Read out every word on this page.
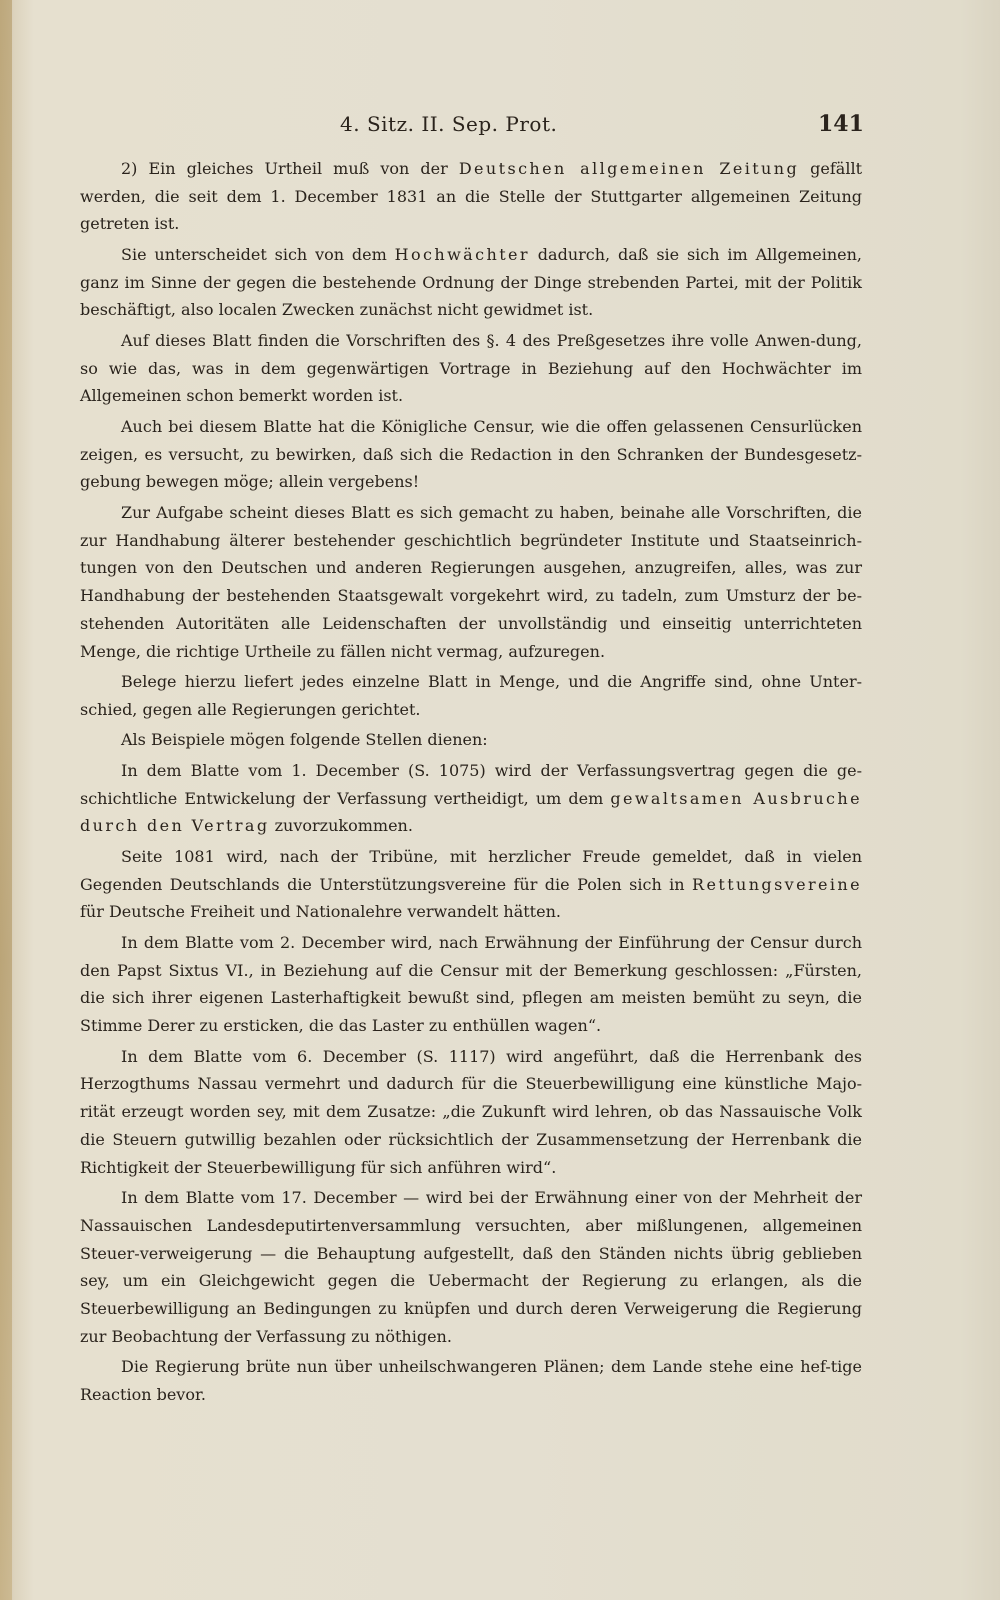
4. Sitz. II. Sep. Prot.	141

2) Ein gleiches Urtheil muß von der Deutschen allgemeinen Zeitung gefällt werden, die seit dem 1. December 1831 an die Stelle der Stuttgarter allgemeinen Zeitung getreten ist.

Sie unterscheidet sich von dem Hochwächter dadurch, daß sie sich im Allgemeinen, ganz im Sinne der gegen die bestehende Ordnung der Dinge strebenden Partei, mit der Politik beschäftigt, also localen Zwecken zunächst nicht gewidmet ist.

Auf dieses Blatt finden die Vorschriften des §. 4 des Preßgesetzes ihre volle Anwen-dung, so wie das, was in dem gegenwärtigen Vortrage in Beziehung auf den Hochwächter im Allgemeinen schon bemerkt worden ist.

Auch bei diesem Blatte hat die Königliche Censur, wie die offen gelassenen Censurlücken zeigen, es versucht, zu bewirken, daß sich die Redaction in den Schranken der Bundesgesetz-gebung bewegen möge; allein vergebens!

Zur Aufgabe scheint dieses Blatt es sich gemacht zu haben, beinahe alle Vorschriften, die zur Handhabung älterer bestehender geschichtlich begründeter Institute und Staatseinrich-tungen von den Deutschen und anderen Regierungen ausgehen, anzugreifen, alles, was zur Handhabung der bestehenden Staatsgewalt vorgekehrt wird, zu tadeln, zum Umsturz der be-stehenden Autoritäten alle Leidenschaften der unvollständig und einseitig unterrichteten Menge, die richtige Urtheile zu fällen nicht vermag, aufzuregen.

Belege hierzu liefert jedes einzelne Blatt in Menge, und die Angriffe sind, ohne Unter-schied, gegen alle Regierungen gerichtet.

Als Beispiele mögen folgende Stellen dienen:

In dem Blatte vom 1. December (S. 1075) wird der Verfassungsvertrag gegen die ge-schichtliche Entwickelung der Verfassung vertheidigt, um dem gewaltsamen Ausbruche durch den Vertrag zuvorzukommen.

Seite 1081 wird, nach der Tribüne, mit herzlicher Freude gemeldet, daß in vielen Gegenden Deutschlands die Unterstützungsvereine für die Polen sich in Rettungsvereine für Deutsche Freiheit und Nationalehre verwandelt hätten.

In dem Blatte vom 2. December wird, nach Erwähnung der Einführung der Censur durch den Papst Sixtus VI., in Beziehung auf die Censur mit der Bemerkung geschlossen: „Fürsten, die sich ihrer eigenen Lasterhaftigkeit bewußt sind, pflegen am meisten bemüht zu seyn, die Stimme Derer zu ersticken, die das Laster zu enthüllen wagen“.

In dem Blatte vom 6. December (S. 1117) wird angeführt, daß die Herrenbank des Herzogthums Nassau vermehrt und dadurch für die Steuerbewilligung eine künstliche Majo-rität erzeugt worden sey, mit dem Zusatze: „die Zukunft wird lehren, ob das Nassauische Volk die Steuern gutwillig bezahlen oder rücksichtlich der Zusammensetzung der Herrenbank die Richtigkeit der Steuerbewilligung für sich anführen wird“.

In dem Blatte vom 17. December — wird bei der Erwähnung einer von der Mehrheit der Nassauischen Landesdeputirtenversammlung versuchten, aber mißlungenen, allgemeinen Steuer-verweigerung — die Behauptung aufgestellt, daß den Ständen nichts übrig geblieben sey, um ein Gleichgewicht gegen die Uebermacht der Regierung zu erlangen, als die Steuerbewilligung an Bedingungen zu knüpfen und durch deren Verweigerung die Regierung zur Beobachtung der Verfassung zu nöthigen.

Die Regierung brüte nun über unheilschwangeren Plänen; dem Lande stehe eine hef-tige Reaction bevor.
